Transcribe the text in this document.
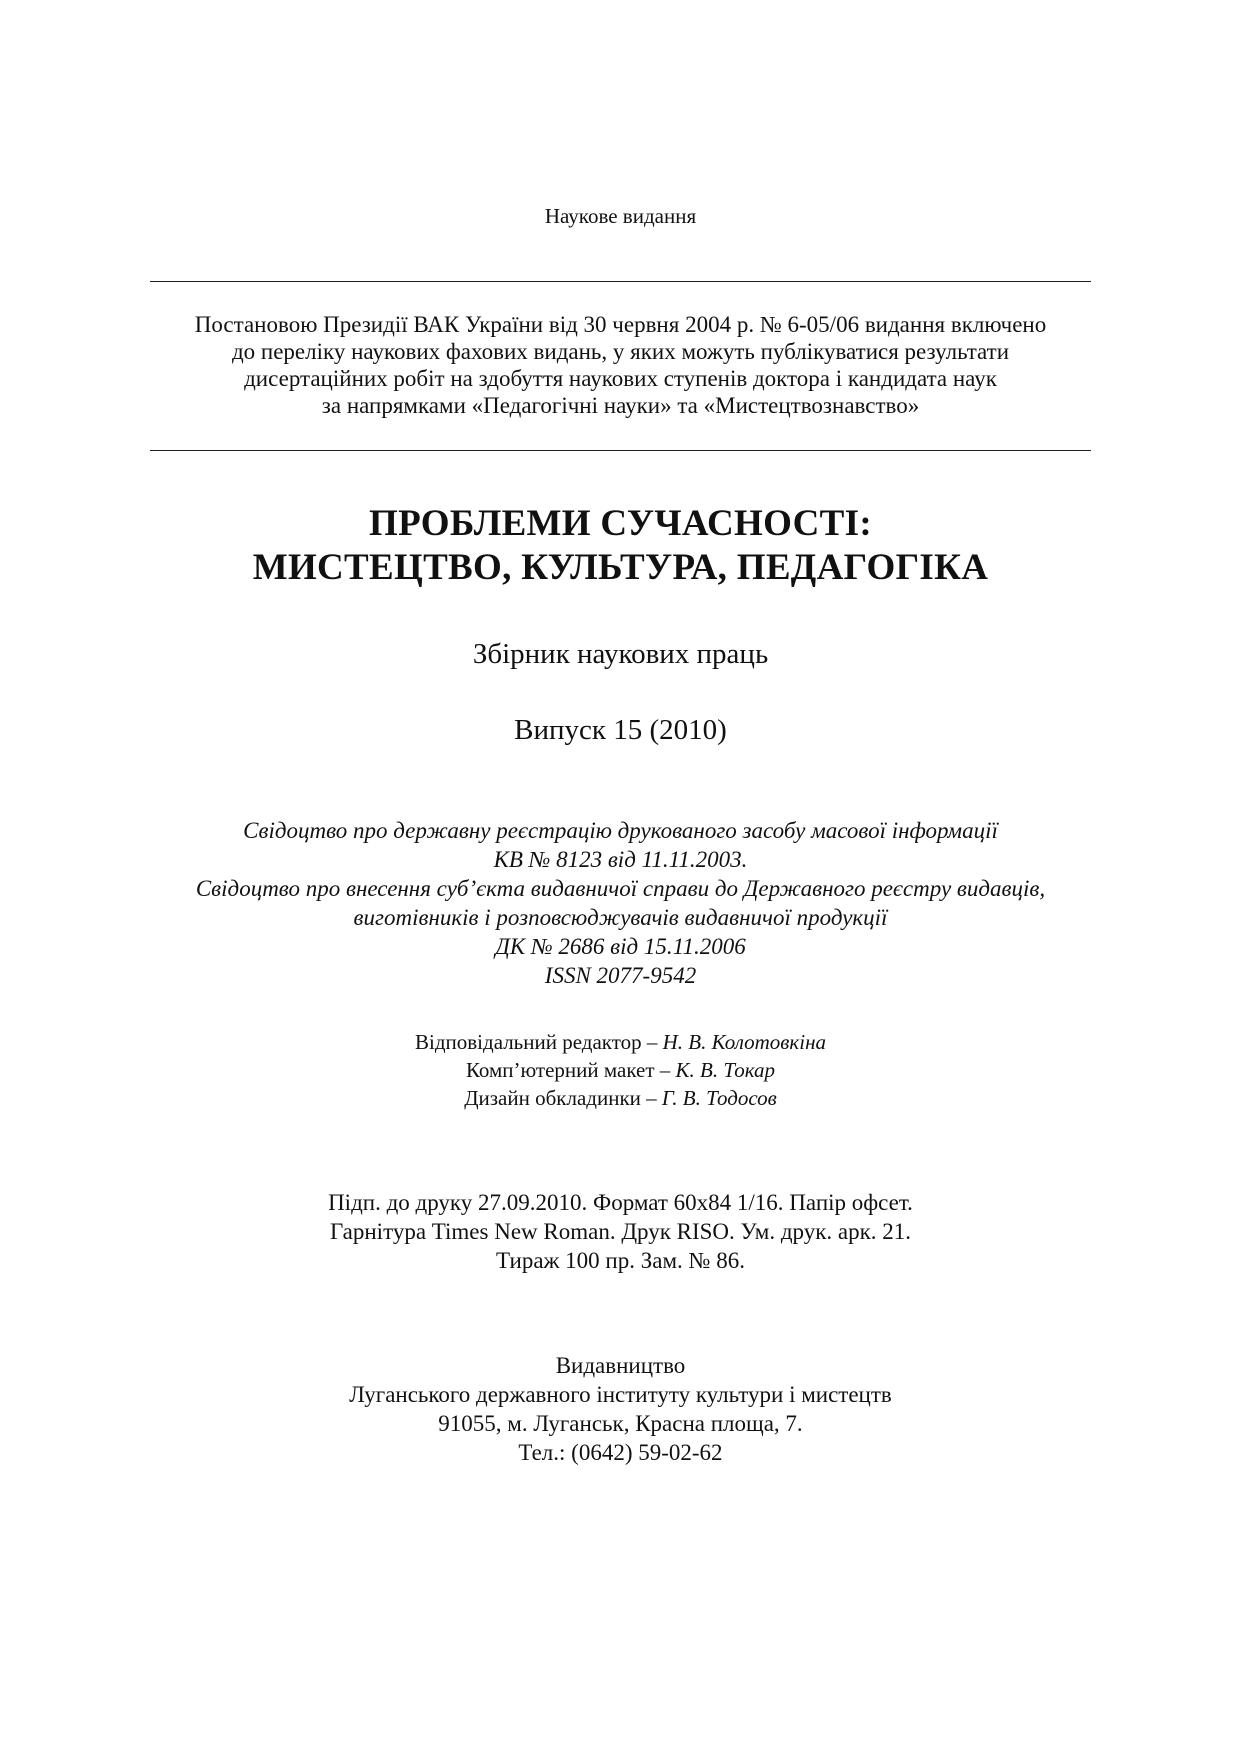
Наукове видання
Постановою Президії ВАК України від 30 червня 2004 р. № 6-05/06 видання включено
до переліку наукових фахових видань, у яких можуть публікуватися результати
дисертаційних робіт на здобуття наукових ступенів доктора і кандидата наук
за напрямками «Педагогічні науки» та «Мистецтвознавство»
ПРОБЛЕМИ СУЧАСНОСТІ:
МИСТЕЦТВО, КУЛЬТУРА, ПЕДАГОГІКА
Збірник наукових праць
Випуск 15 (2010)
Свідоцтво про державну реєстрацію друкованого засобу масової інформації
КВ № 8123 від 11.11.2003.
Свідоцтво про внесення суб’єкта видавничої справи до Державного реєстру видавців,
виготівників і розповсюджувачів видавничої продукції
ДК № 2686 від 15.11.2006
ISSN 2077-9542
Відповідальний редактор – Н. В. Колотовкіна
Комп’ютерний макет – К. В. Токар
Дизайн обкладинки – Г. В. Тодосов
Підп. до друку 27.09.2010. Формат 60х84 1/16. Папір офсет.
Гарнітура Times New Roman. Друк RISO. Ум. друк. арк. 21.
Тираж 100 пр. Зам. № 86.
Видавництво
Луганського державного інституту культури і мистецтв
91055, м. Луганськ, Красна площа, 7.
Тел.: (0642) 59-02-62
